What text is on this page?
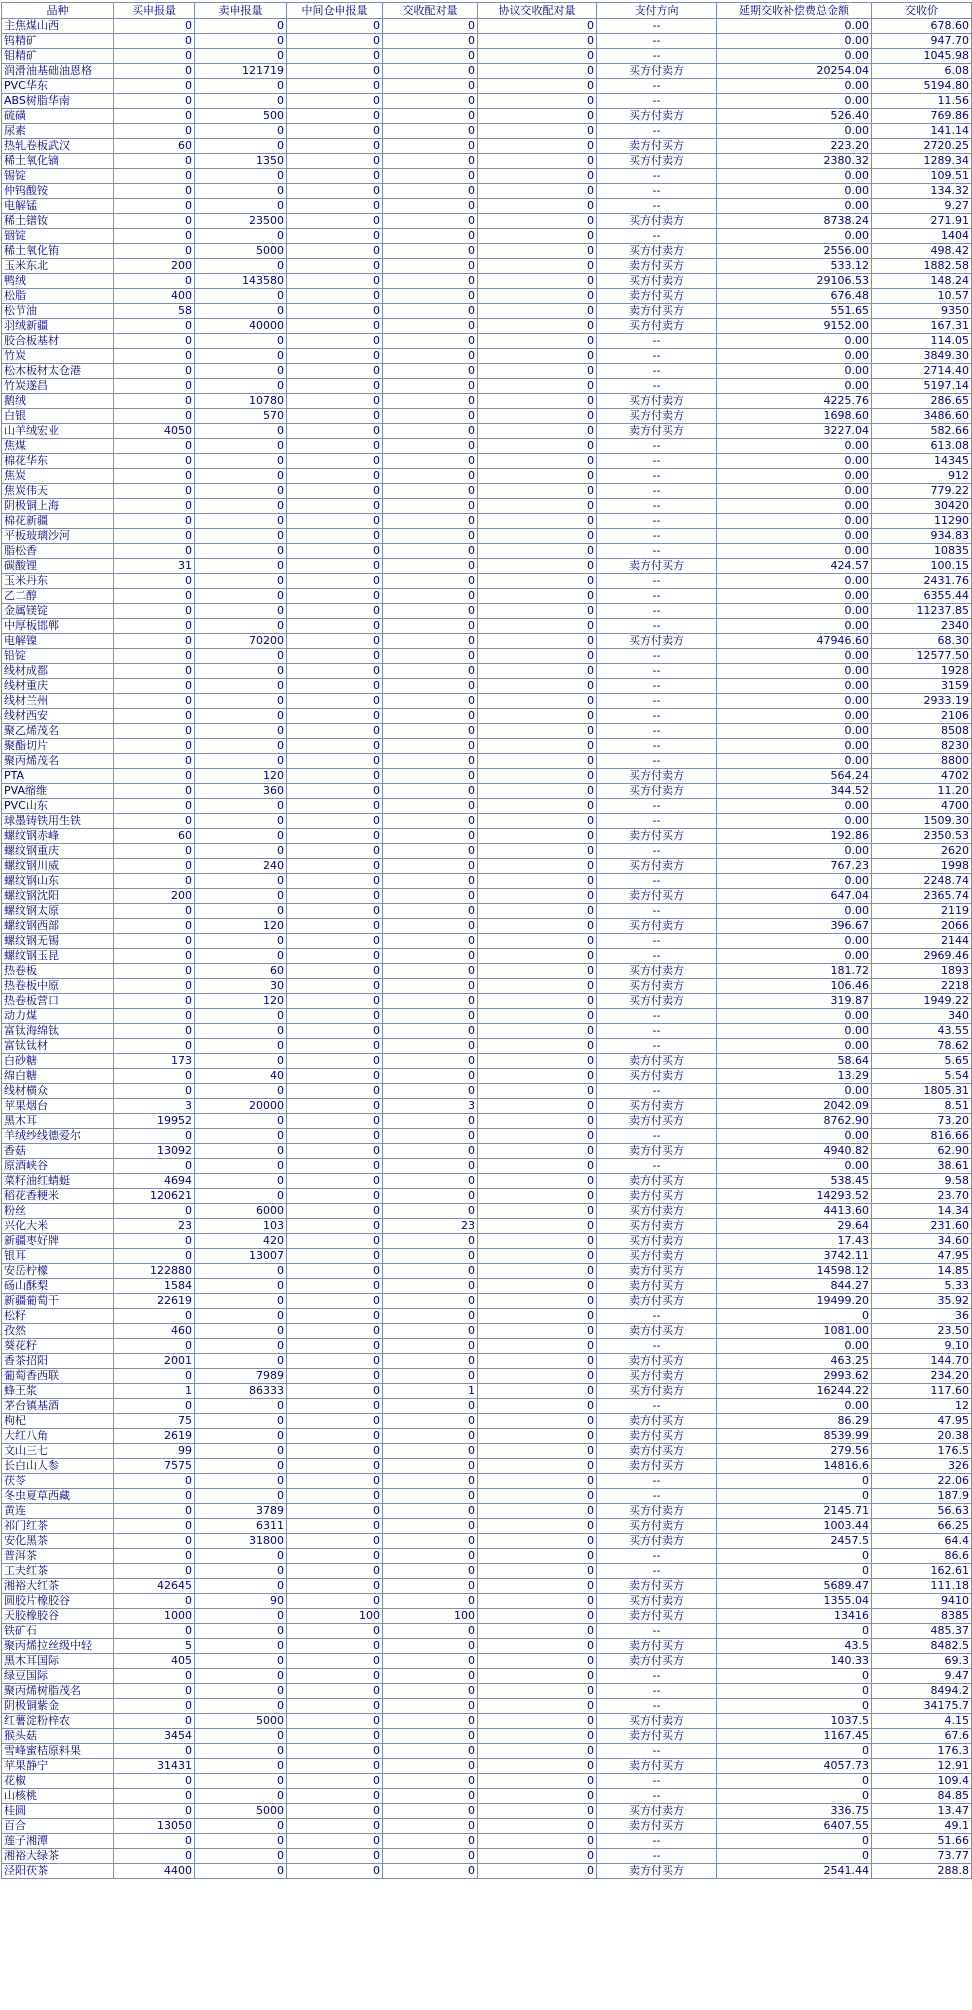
品种	买申报量	卖申报量	中间仓申报量	交收配对量	协议交收配对量	支付方向	延期交收补偿费总金额	交收价
主焦煤山西	0	0	0	0	0	--	0.00	678.60
钨精矿	0	0	0	0	0	--	0.00	947.70
钼精矿	0	0	0	0	0	--	0.00	1045.98
润滑油基础油恩格	0	121719	0	0	0	买方付卖方	20254.04	6.08
PVC华东	0	0	0	0	0	--	0.00	5194.80
ABS树脂华南	0	0	0	0	0	--	0.00	11.56
硫磺	0	500	0	0	0	买方付卖方	526.40	769.86
尿素	0	0	0	0	0	--	0.00	141.14
热轧卷板武汉	60	0	0	0	0	卖方付买方	223.20	2720.25
稀土氧化镝	0	1350	0	0	0	买方付卖方	2380.32	1289.34
锡锭	0	0	0	0	0	--	0.00	109.51
仲钨酸铵	0	0	0	0	0	--	0.00	134.32
电解锰	0	0	0	0	0	--	0.00	9.27
稀土镨钕	0	23500	0	0	0	买方付卖方	8738.24	271.91
铟锭	0	0	0	0	0	--	0.00	1404
稀土氧化铕	0	5000	0	0	0	买方付卖方	2556.00	498.42
玉米东北	200	0	0	0	0	卖方付买方	533.12	1882.58
鸭绒	0	143580	0	0	0	买方付卖方	29106.53	148.24
松脂	400	0	0	0	0	卖方付买方	676.48	10.57
松节油	58	0	0	0	0	卖方付买方	551.65	9350
羽绒新疆	0	40000	0	0	0	买方付卖方	9152.00	167.31
胶合板基材	0	0	0	0	0	--	0.00	114.05
竹炭	0	0	0	0	0	--	0.00	3849.30
松木板材太仓港	0	0	0	0	0	--	0.00	2714.40
竹炭遂昌	0	0	0	0	0	--	0.00	5197.14
鹅绒	0	10780	0	0	0	买方付卖方	4225.76	286.65
白银	0	570	0	0	0	买方付卖方	1698.60	3486.60
山羊绒宏业	4050	0	0	0	0	卖方付买方	3227.04	582.66
焦煤	0	0	0	0	0	--	0.00	613.08
棉花华东	0	0	0	0	0	--	0.00	14345
焦炭	0	0	0	0	0	--	0.00	912
焦炭伟天	0	0	0	0	0	--	0.00	779.22
阴极铜上海	0	0	0	0	0	--	0.00	30420
棉花新疆	0	0	0	0	0	--	0.00	11290
平板玻璃沙河	0	0	0	0	0	--	0.00	934.83
脂松香	0	0	0	0	0	--	0.00	10835
碳酸锂	31	0	0	0	0	卖方付买方	424.57	100.15
玉米丹东	0	0	0	0	0	--	0.00	2431.76
乙二醇	0	0	0	0	0	--	0.00	6355.44
金属镁锭	0	0	0	0	0	--	0.00	11237.85
中厚板邯郸	0	0	0	0	0	--	0.00	2340
电解镍	0	70200	0	0	0	买方付卖方	47946.60	68.30
铅锭	0	0	0	0	0	--	0.00	12577.50
线材成都	0	0	0	0	0	--	0.00	1928
线材重庆	0	0	0	0	0	--	0.00	3159
线材兰州	0	0	0	0	0	--	0.00	2933.19
线材西安	0	0	0	0	0	--	0.00	2106
聚乙烯茂名	0	0	0	0	0	--	0.00	8508
聚酯切片	0	0	0	0	0	--	0.00	8230
聚丙烯茂名	0	0	0	0	0	--	0.00	8800
PTA	0	120	0	0	0	买方付卖方	564.24	4702
PVA缩维	0	360	0	0	0	买方付卖方	344.52	11.20
PVC山东	0	0	0	0	0	--	0.00	4700
球墨铸铁用生铁	0	0	0	0	0	--	0.00	1509.30
螺纹钢赤峰	60	0	0	0	0	卖方付买方	192.86	2350.53
螺纹钢重庆	0	0	0	0	0	--	0.00	2620
螺纹钢川威	0	240	0	0	0	买方付卖方	767.23	1998
螺纹钢山东	0	0	0	0	0	--	0.00	2248.74
螺纹钢沈阳	200	0	0	0	0	卖方付买方	647.04	2365.74
螺纹钢太原	0	0	0	0	0	--	0.00	2119
螺纹钢西部	0	120	0	0	0	买方付卖方	396.67	2066
螺纹钢无锡	0	0	0	0	0	--	0.00	2144
螺纹钢玉昆	0	0	0	0	0	--	0.00	2969.46
热卷板	0	60	0	0	0	买方付卖方	181.72	1893
热卷板中原	0	30	0	0	0	买方付卖方	106.46	2218
热卷板营口	0	120	0	0	0	买方付卖方	319.87	1949.22
动力煤	0	0	0	0	0	--	0.00	340
富钛海绵钛	0	0	0	0	0	--	0.00	43.55
富钛钛材	0	0	0	0	0	--	0.00	78.62
白砂糖	173	0	0	0	0	卖方付买方	58.64	5.65
绵白糖	0	40	0	0	0	买方付卖方	13.29	5.54
线材横众	0	0	0	0	0	--	0.00	1805.31
苹果烟台	3	20000	0	3	0	买方付卖方	2042.09	8.51
黑木耳	19952	0	0	0	0	卖方付买方	8762.90	73.20
羊绒纱线德爱尔	0	0	0	0	0	--	0.00	816.66
香菇	13092	0	0	0	0	卖方付买方	4940.82	62.90
原酒峡谷	0	0	0	0	0	--	0.00	38.61
菜籽油红蜻蜓	4694	0	0	0	0	卖方付买方	538.45	9.58
稻花香粳米	120621	0	0	0	0	卖方付买方	14293.52	23.70
粉丝	0	6000	0	0	0	买方付卖方	4413.60	14.34
兴化大米	23	103	0	23	0	买方付卖方	29.64	231.60
新疆枣好牌	0	420	0	0	0	买方付卖方	17.43	34.60
银耳	0	13007	0	0	0	买方付卖方	3742.11	47.95
安岳柠檬	122880	0	0	0	0	卖方付买方	14598.12	14.85
砀山酥梨	1584	0	0	0	0	卖方付买方	844.27	5.33
新疆葡萄干	22619	0	0	0	0	卖方付买方	19499.20	35.92
松籽	0	0	0	0	0	--	0	36
孜然	460	0	0	0	0	卖方付买方	1081.00	23.50
葵花籽	0	0	0	0	0	--	0.00	9.10
香茶招阳	2001	0	0	0	0	卖方付买方	463.25	144.70
葡萄香西联	0	7989	0	0	0	买方付卖方	2993.62	234.20
蜂王浆	1	86333	0	1	0	买方付卖方	16244.22	117.60
茅台镇基酒	0	0	0	0	0	--	0.00	12
枸杞	75	0	0	0	0	卖方付买方	86.29	47.95
大红八角	2619	0	0	0	0	卖方付买方	8539.99	20.38
文山三七	99	0	0	0	0	卖方付买方	279.56	176.5
长白山人参	7575	0	0	0	0	卖方付买方	14816.6	326
茯苓	0	0	0	0	0	--	0	22.06
冬虫夏草西藏	0	0	0	0	0	--	0	187.9
黄连	0	3789	0	0	0	买方付卖方	2145.71	56.63
祁门红茶	0	6311	0	0	0	买方付卖方	1003.44	66.25
安化黑茶	0	31800	0	0	0	买方付卖方	2457.5	64.4
普洱茶	0	0	0	0	0	--	0	86.6
工夫红茶	0	0	0	0	0	--	0	162.61
湘裕大红茶	42645	0	0	0	0	卖方付买方	5689.47	111.18
圆胶片橡胶谷	0	90	0	0	0	买方付卖方	1355.04	9410
天胶橡胶谷	1000	0	100	100	0	卖方付买方	13416	8385
铁矿石	0	0	0	0	0	--	0	485.37
聚丙烯拉丝级中轻	5	0	0	0	0	卖方付买方	43.5	8482.5
黑木耳国际	405	0	0	0	0	卖方付买方	140.33	69.3
绿豆国际	0	0	0	0	0	--	0	9.47
聚丙烯树脂茂名	0	0	0	0	0	--	0	8494.2
阴极铜紫金	0	0	0	0	0	--	0	34175.7
红薯淀粉梓农	0	5000	0	0	0	买方付卖方	1037.5	4.15
猴头菇	3454	0	0	0	0	卖方付买方	1167.45	67.6
雪峰蜜桔原料果	0	0	0	0	0	--	0	176.3
苹果静宁	31431	0	0	0	0	卖方付买方	4057.73	12.91
花椒	0	0	0	0	0	--	0	109.4
山核桃	0	0	0	0	0	--	0	84.85
桂圆	0	5000	0	0	0	买方付卖方	336.75	13.47
百合	13050	0	0	0	0	卖方付买方	6407.55	49.1
莲子湘潭	0	0	0	0	0	--	0	51.66
湘裕大绿茶	0	0	0	0	0	--	0	73.77
泾阳茯茶	4400	0	0	0	0	卖方付买方	2541.44	288.8
